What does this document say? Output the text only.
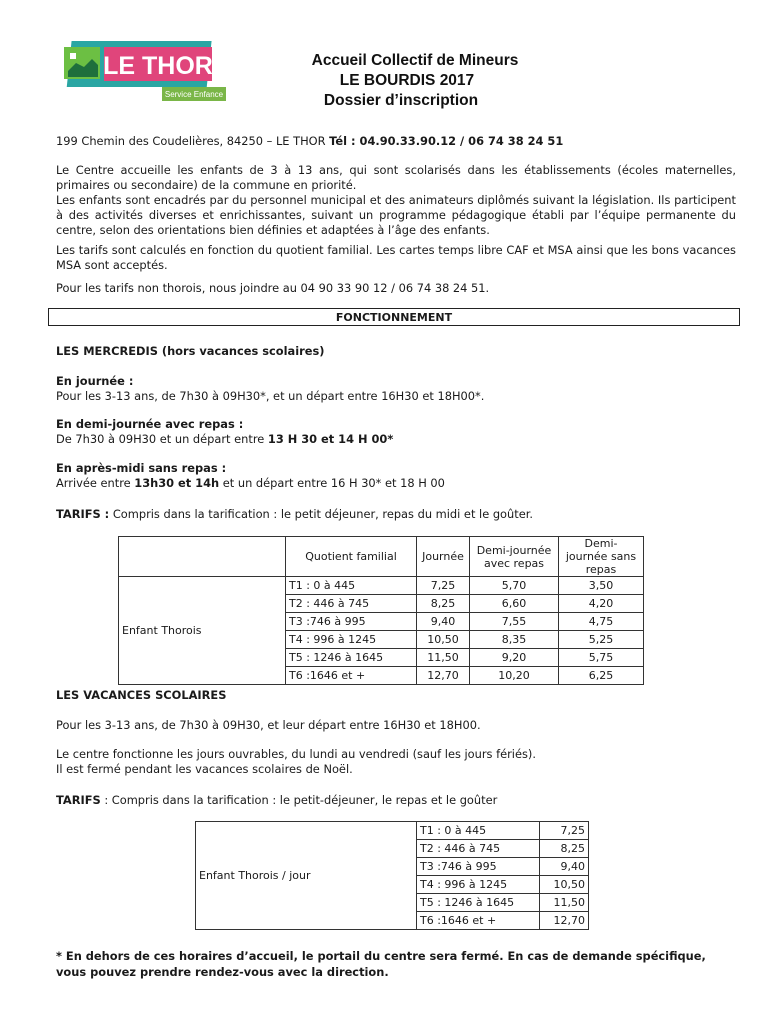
LE THOR
Service Enfance
Accueil Collectif de Mineurs
LE BOURDIS 2017
Dossier d’inscription
199 Chemin des Coudelières, 84250 – LE THOR Tél : 04.90.33.90.12 / 06 74 38 24 51
Le Centre accueille les enfants de 3 à 13 ans, qui sont scolarisés dans les établissements (écoles maternelles, primaires ou secondaire) de la commune en priorité.
Les enfants sont encadrés par du personnel municipal et des animateurs diplômés suivant la législation. Ils participent à des activités diverses et enrichissantes, suivant un programme pédagogique établi par l’équipe permanente du centre, selon des orientations bien définies et adaptées à l’âge des enfants.
Les tarifs sont calculés en fonction du quotient familial. Les cartes temps libre CAF et MSA ainsi que les bons vacances MSA sont acceptés.
Pour les tarifs non thorois, nous joindre au 04 90 33 90 12 / 06 74 38 24 51.
FONCTIONNEMENT
LES MERCREDIS (hors vacances scolaires)

En journée :

Pour les 3-13 ans, de 7h30 à 09H30*, et un départ entre 16H30 et 18H00*.

En demi-journée avec repas :

De 7h30 à 09H30 et un départ entre 13 H 30 et 14 H 00*

En après-midi sans repas :

Arrivée entre 13h30 et 14h et un départ entre 16 H 30* et 18 H 00

TARIFS : Compris dans la tarification : le petit déjeuner, repas du midi et le goûter.
	Quotient familial	Journée	Demi-journée avec repas	Demi- journée sans repas
Enfant Thorois	T1 : 0 à 445	7,25	5,70	3,50
	T2 : 446 à 745	8,25	6,60	4,20
	T3 :746 à 995	9,40	7,55	4,75
	T4 : 996 à 1245	10,50	8,35	5,25
	T5 : 1246 à 1645	11,50	9,20	5,75
	T6 :1646 et +	12,70	10,20	6,25
LES VACANCES SCOLAIRES
Pour les 3-13 ans, de 7h30 à 09H30, et leur départ entre 16H30 et 18H00.

Le centre fonctionne les jours ouvrables, du lundi au vendredi (sauf les jours fériés).

Il est fermé pendant les vacances scolaires de Noël.

TARIFS : Compris dans la tarification : le petit-déjeuner, le repas et le goûter
Enfant Thorois / jour	T1 : 0 à 445	7,25
	T2 : 446 à 745	8,25
	T3 :746 à 995	9,40
	T4 : 996 à 1245	10,50
	T5 : 1246 à 1645	11,50
	T6 :1646 et +	12,70
* En dehors de ces horaires d’accueil, le portail du centre sera fermé. En cas de demande spécifique, vous pouvez prendre rendez-vous avec la direction.
